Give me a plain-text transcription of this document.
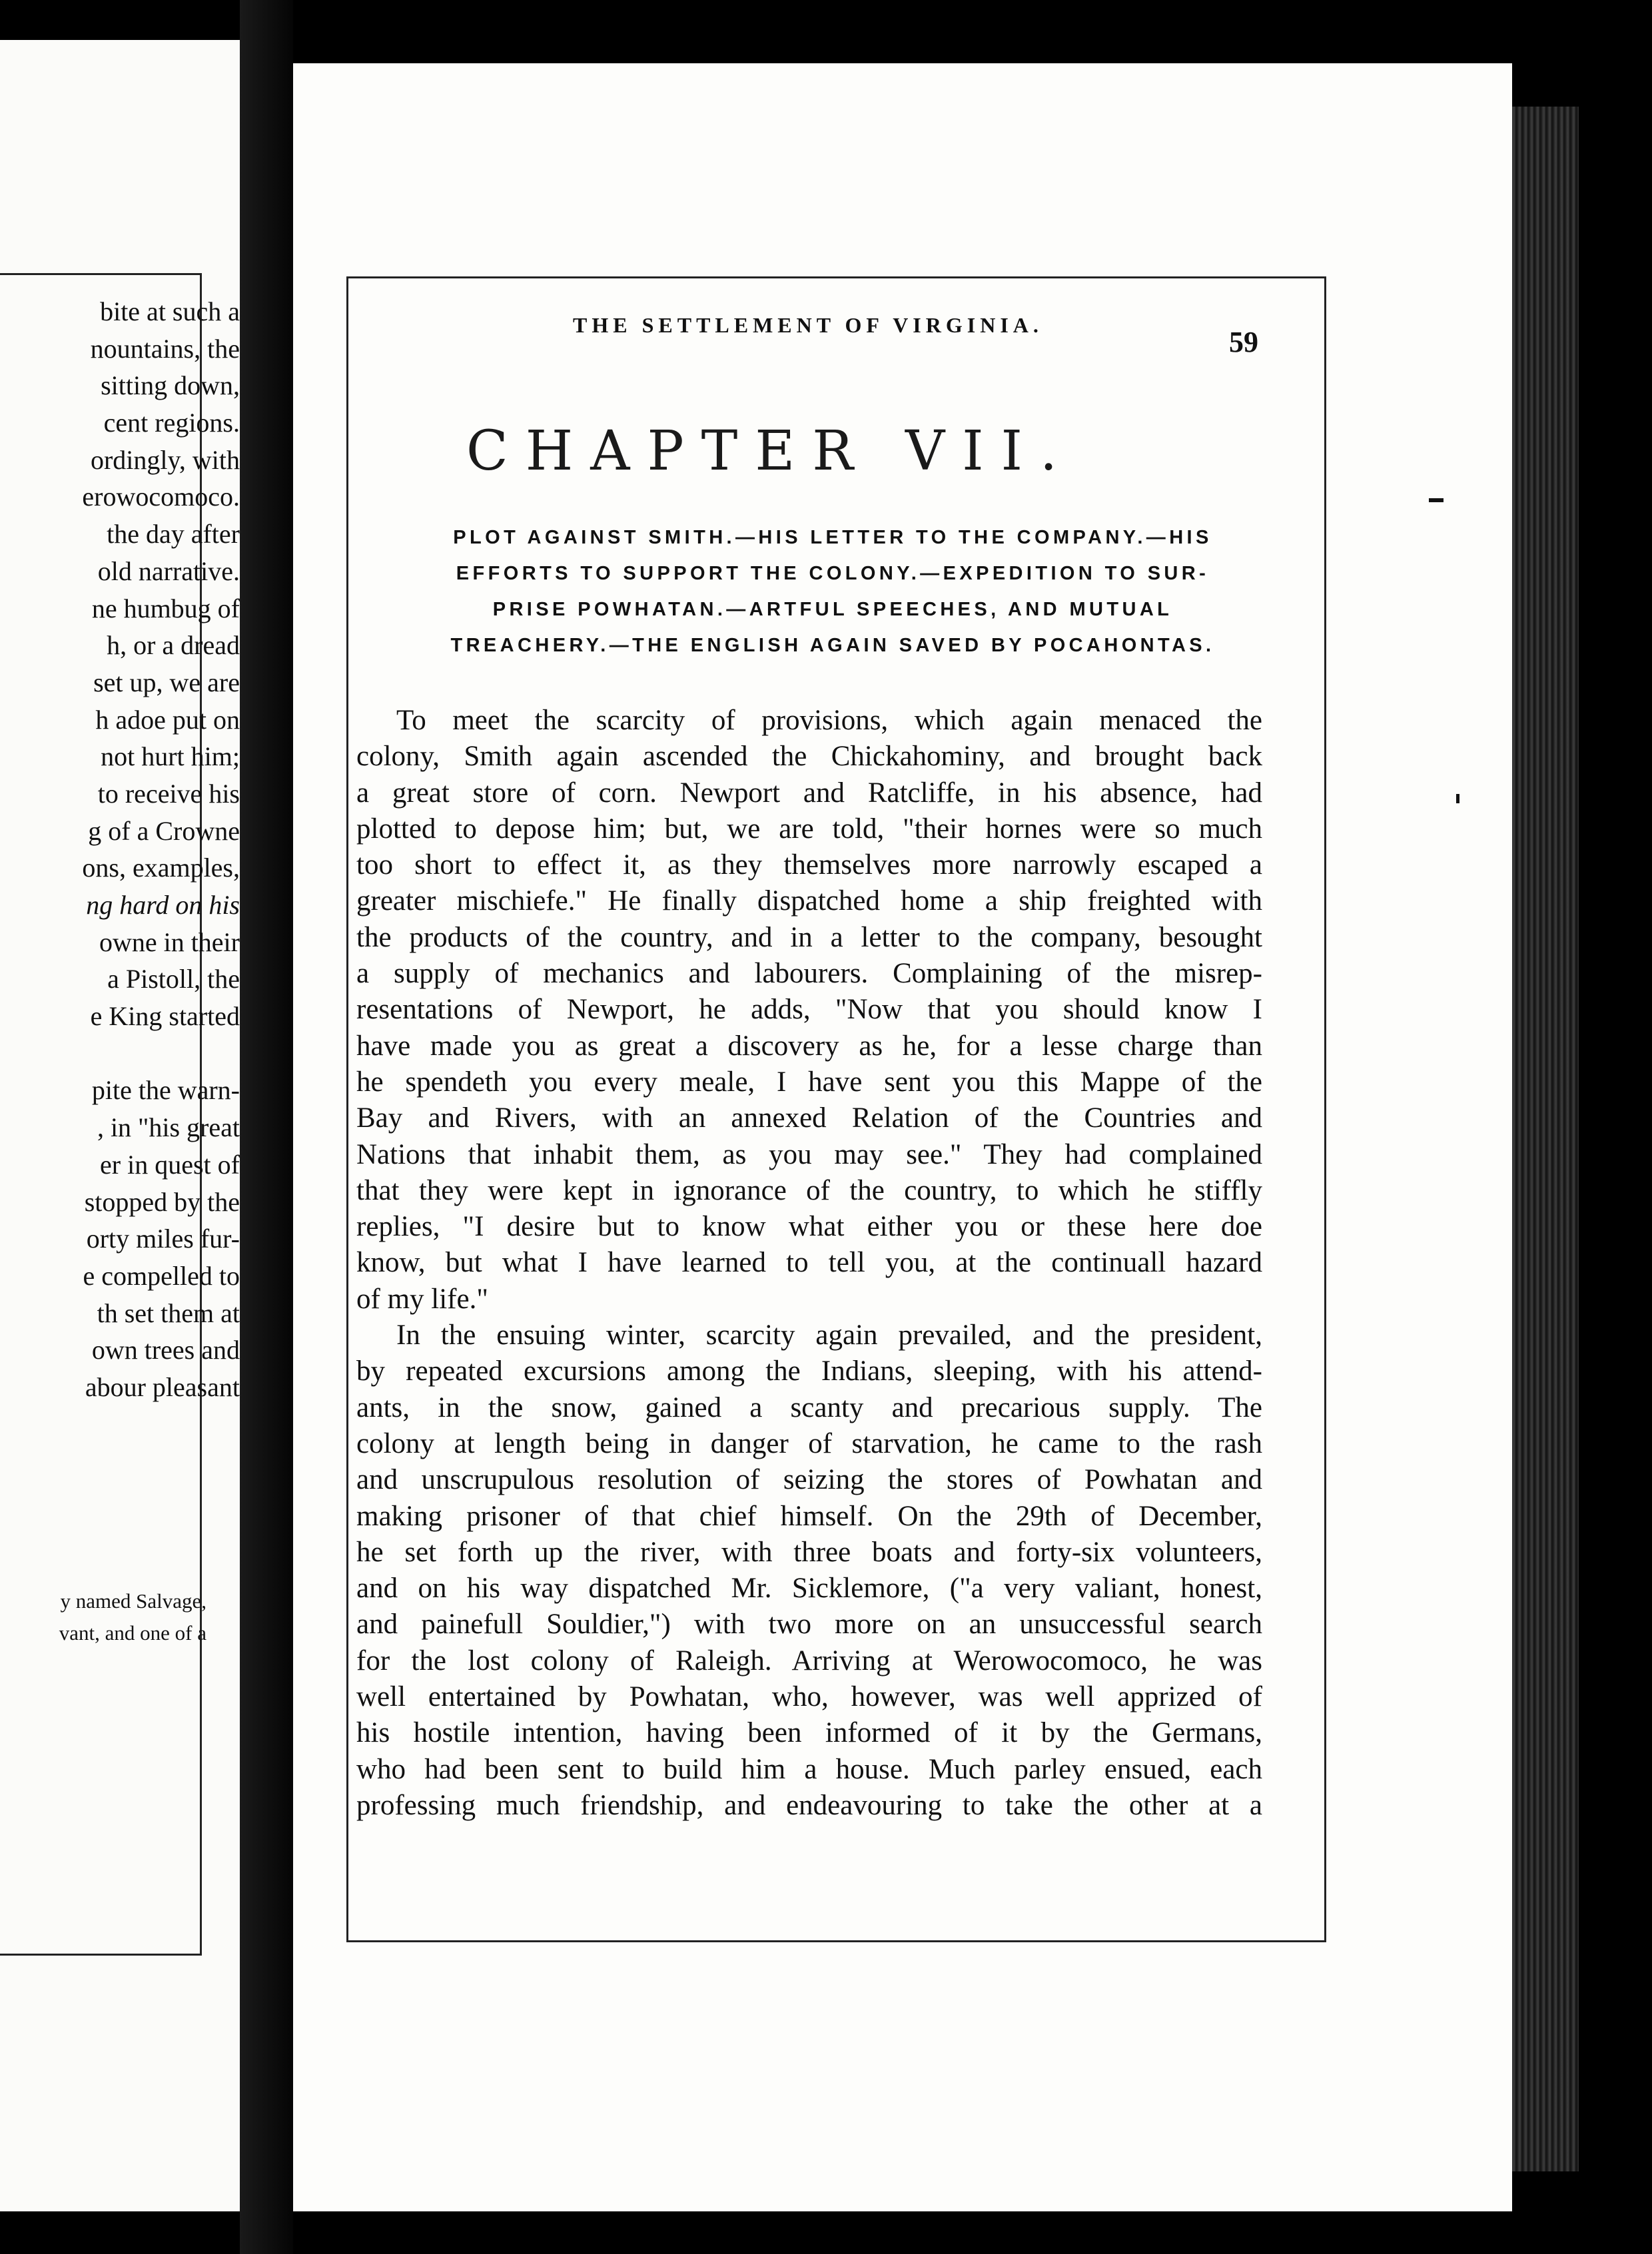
bite at such a
nountains, the
sitting down,
cent regions.
ordingly, with
erowocomoco.
the day after
old narrative.
ne humbug of
h, or a dread
set up, we are
h adoe put on
not hurt him;
to receive his
g of a Crowne
ons, examples,
ng hard on his
owne in their
a Pistoll, the
e King started
pite the warn-
, in "his great
er in quest of
stopped by the
orty miles fur-
e compelled to
th set them at
own trees and
abour pleasant
y named Salvage,
vant, and one of a
THE SETTLEMENT OF VIRGINIA.
59
CHAPTER VII.
PLOT AGAINST SMITH.—HIS LETTER TO THE COMPANY.—HIS
EFFORTS TO SUPPORT THE COLONY.—EXPEDITION TO SUR-
PRISE POWHATAN.—ARTFUL SPEECHES, AND MUTUAL
TREACHERY.—THE ENGLISH AGAIN SAVED BY POCAHONTAS.
To meet the scarcity of provisions, which again menaced the
colony, Smith again ascended the Chickahominy, and brought back
a great store of corn. Newport and Ratcliffe, in his absence, had
plotted to depose him; but, we are told, "their hornes were so much
too short to effect it, as they themselves more narrowly escaped a
greater mischiefe." He finally dispatched home a ship freighted with
the products of the country, and in a letter to the company, besought
a supply of mechanics and labourers. Complaining of the misrep-
resentations of Newport, he adds, "Now that you should know I
have made you as great a discovery as he, for a lesse charge than
he spendeth you every meale, I have sent you this Mappe of the
Bay and Rivers, with an annexed Relation of the Countries and
Nations that inhabit them, as you may see." They had complained
that they were kept in ignorance of the country, to which he stiffly
replies, "I desire but to know what either you or these here doe
know, but what I have learned to tell you, at the continuall hazard
of my life."
In the ensuing winter, scarcity again prevailed, and the president,
by repeated excursions among the Indians, sleeping, with his attend-
ants, in the snow, gained a scanty and precarious supply. The
colony at length being in danger of starvation, he came to the rash
and unscrupulous resolution of seizing the stores of Powhatan and
making prisoner of that chief himself. On the 29th of December,
he set forth up the river, with three boats and forty-six volunteers,
and on his way dispatched Mr. Sicklemore, ("a very valiant, honest,
and painefull Souldier,") with two more on an unsuccessful search
for the lost colony of Raleigh. Arriving at Werowocomoco, he was
well entertained by Powhatan, who, however, was well apprized of
his hostile intention, having been informed of it by the Germans,
who had been sent to build him a house. Much parley ensued, each
professing much friendship, and endeavouring to take the other at a
